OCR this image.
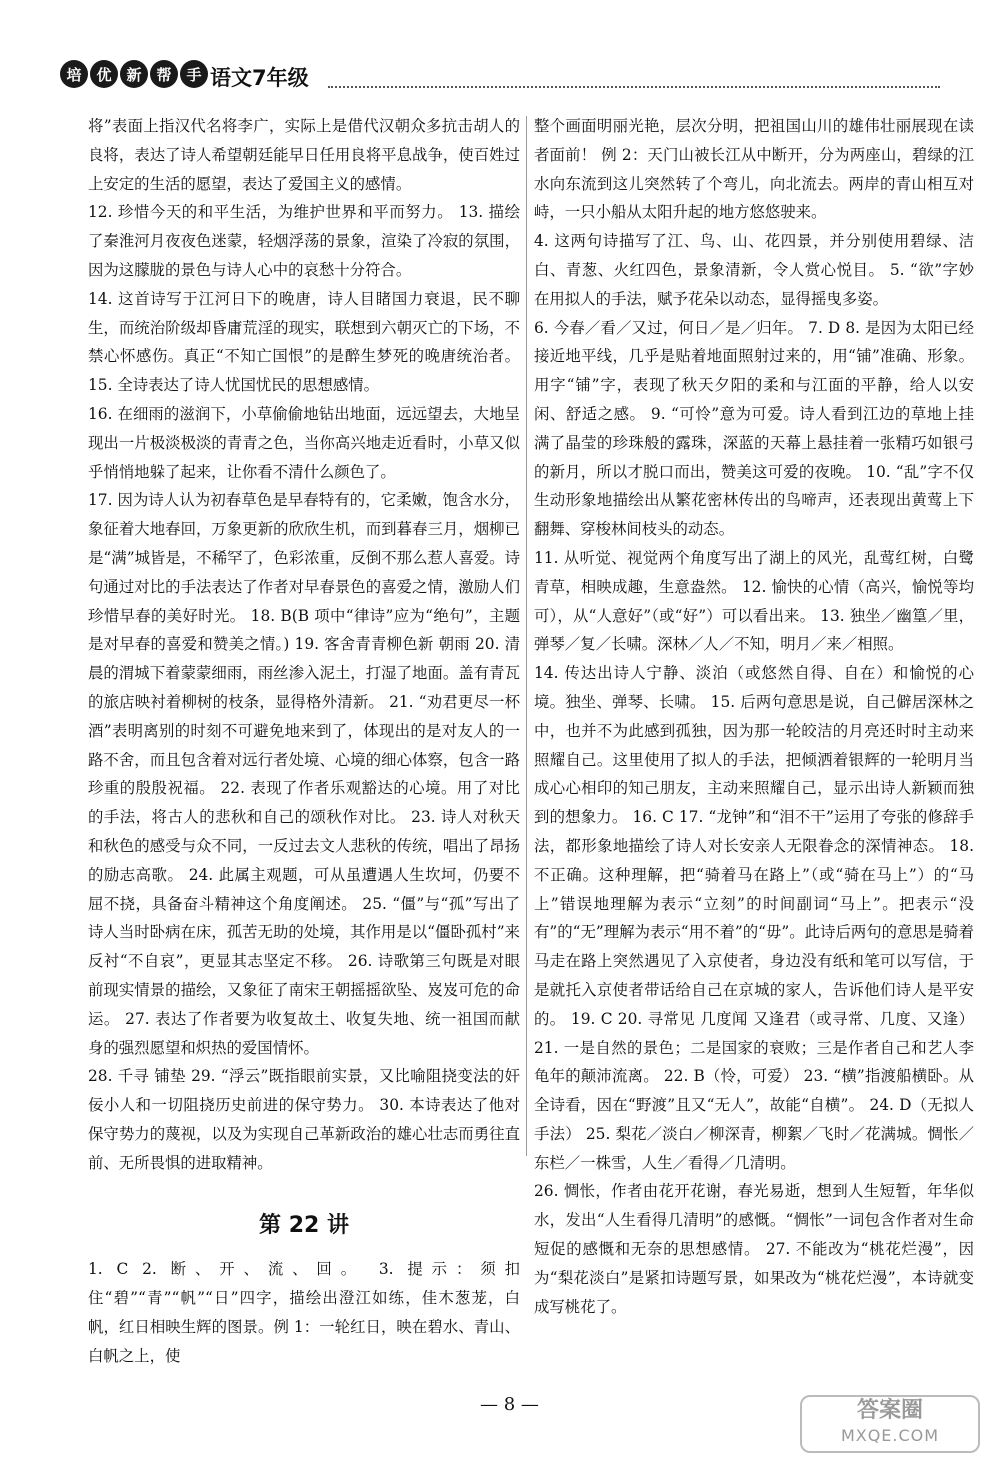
培 优 新 帮 手 语文7年级

将”表面上指汉代名将李广，实际上是借代汉朝众多抗击胡人的良将，表达了诗人希望朝廷能早日任用良将平息战争，使百姓过上安定的生活的愿望，表达了爱国主义的感情。

12. 珍惜今天的和平生活，为维护世界和平而努力。 13. 描绘了秦淮河月夜夜色迷蒙，轻烟浮荡的景象，渲染了冷寂的氛围，因为这朦胧的景色与诗人心中的哀愁十分符合。

14. 这首诗写于江河日下的晚唐，诗人目睹国力衰退，民不聊生，而统治阶级却昏庸荒淫的现实，联想到六朝灭亡的下场，不禁心怀感伤。真正“不知亡国恨”的是醉生梦死的晚唐统治者。 15. 全诗表达了诗人忧国忧民的思想感情。

16. 在细雨的滋润下，小草偷偷地钻出地面，远远望去，大地呈现出一片极淡极淡的青青之色，当你高兴地走近看时，小草又似乎悄悄地躲了起来，让你看不清什么颜色了。

17. 因为诗人认为初春草色是早春特有的，它柔嫩，饱含水分，象征着大地春回，万象更新的欣欣生机，而到暮春三月，烟柳已是“满”城皆是，不稀罕了，色彩浓重，反倒不那么惹人喜爱。诗句通过对比的手法表达了作者对早春景色的喜爱之情，激励人们珍惜早春的美好时光。 18. B(B 项中“律诗”应为“绝句”，主题是对早春的喜爱和赞美之情。) 19. 客舍青青柳色新 朝雨 20. 清晨的渭城下着蒙蒙细雨，雨丝渗入泥土，打湿了地面。盖有青瓦的旅店映衬着柳树的枝条，显得格外清新。 21. “劝君更尽一杯酒”表明离别的时刻不可避免地来到了，体现出的是对友人的一路不舍，而且包含着对远行者处境、心境的细心体察，包含一路珍重的殷殷祝福。 22. 表现了作者乐观豁达的心境。用了对比的手法，将古人的悲秋和自己的颂秋作对比。 23. 诗人对秋天和秋色的感受与众不同，一反过去文人悲秋的传统，唱出了昂扬的励志高歌。 24. 此属主观题，可从虽遭遇人生坎坷，仍要不屈不挠，具备奋斗精神这个角度阐述。 25. “僵”与“孤”写出了诗人当时卧病在床，孤苦无助的处境，其作用是以“僵卧孤村”来反衬“不自哀”，更显其志坚定不移。 26. 诗歌第三句既是对眼前现实情景的描绘，又象征了南宋王朝摇摇欲坠、岌岌可危的命运。 27. 表达了作者要为收复故土、收复失地、统一祖国而献身的强烈愿望和炽热的爱国情怀。

28. 千寻 铺垫 29. “浮云”既指眼前实景，又比喻阻挠变法的奸佞小人和一切阻挠历史前进的保守势力。 30. 本诗表达了他对保守势力的蔑视，以及为实现自己革新政治的雄心壮志而勇往直前、无所畏惧的进取精神。

第 22 讲

1. C 2. 断、开、流、回。 3. 提示：须扣住“碧”“青”“帆”“日”四字，描绘出澄江如练，佳木葱茏，白帆，红日相映生辉的图景。例 1：一轮红日，映在碧水、青山、白帆之上，使

整个画面明丽光艳，层次分明，把祖国山川的雄伟壮丽展现在读者面前！ 例 2：天门山被长江从中断开，分为两座山，碧绿的江水向东流到这儿突然转了个弯儿，向北流去。两岸的青山相互对峙，一只小船从太阳升起的地方悠悠驶来。

4. 这两句诗描写了江、鸟、山、花四景，并分别使用碧绿、洁白、青葱、火红四色，景象清新，令人赏心悦目。 5. “欲”字妙在用拟人的手法，赋予花朵以动态，显得摇曳多姿。

6. 今春／看／又过，何日／是／归年。 7. D 8. 是因为太阳已经接近地平线，几乎是贴着地面照射过来的，用“铺”准确、形象。用字“铺”字，表现了秋天夕阳的柔和与江面的平静，给人以安闲、舒适之感。 9. “可怜”意为可爱。诗人看到江边的草地上挂满了晶莹的珍珠般的露珠，深蓝的天幕上悬挂着一张精巧如银弓的新月，所以才脱口而出，赞美这可爱的夜晚。 10. “乱”字不仅生动形象地描绘出从繁花密林传出的鸟啼声，还表现出黄莺上下翻舞、穿梭林间枝头的动态。

11. 从听觉、视觉两个角度写出了湖上的风光，乱莺红树，白鹭青草，相映成趣，生意盎然。 12. 愉快的心情（高兴，愉悦等均可），从“人意好”（或“好”）可以看出来。 13. 独坐／幽篁／里，弹琴／复／长啸。深林／人／不知，明月／来／相照。

14. 传达出诗人宁静、淡泊（或悠然自得、自在）和愉悦的心境。独坐、弹琴、长啸。 15. 后两句意思是说，自己僻居深林之中，也并不为此感到孤独，因为那一轮皎洁的月亮还时时主动来照耀自己。这里使用了拟人的手法，把倾洒着银辉的一轮明月当成心心相印的知己朋友，主动来照耀自己，显示出诗人新颖而独到的想象力。 16. C 17. “龙钟”和“泪不干”运用了夸张的修辞手法，都形象地描绘了诗人对长安亲人无限眷念的深情神态。 18. 不正确。这种理解，把“骑着马在路上”（或“骑在马上”）的“马上”错误地理解为表示“立刻”的时间副词“马上”。把表示“没有”的“无”理解为表示“用不着”的“毋”。此诗后两句的意思是骑着马走在路上突然遇见了入京使者，身边没有纸和笔可以写信，于是就托入京使者带话给自己在京城的家人，告诉他们诗人是平安的。 19. C 20. 寻常见 几度闻 又逢君（或寻常、几度、又逢） 21. 一是自然的景色；二是国家的衰败；三是作者自己和艺人李龟年的颠沛流离。 22. B（怜，可爱） 23. “横”指渡船横卧。从全诗看，因在“野渡”且又“无人”，故能“自横”。 24. D（无拟人手法） 25. 梨花／淡白／柳深青，柳絮／飞时／花满城。惆怅／东栏／一株雪，人生／看得／几清明。

26. 惆怅，作者由花开花谢，春光易逝，想到人生短暂，年华似水，发出“人生看得几清明”的感慨。“惆怅”一词包含作者对生命短促的感慨和无奈的思想感情。 27. 不能改为“桃花烂漫”，因为“梨花淡白”是紧扣诗题写景，如果改为“桃花烂漫”，本诗就变成写桃花了。

— 8 —	答案圈
MXQE.COM
